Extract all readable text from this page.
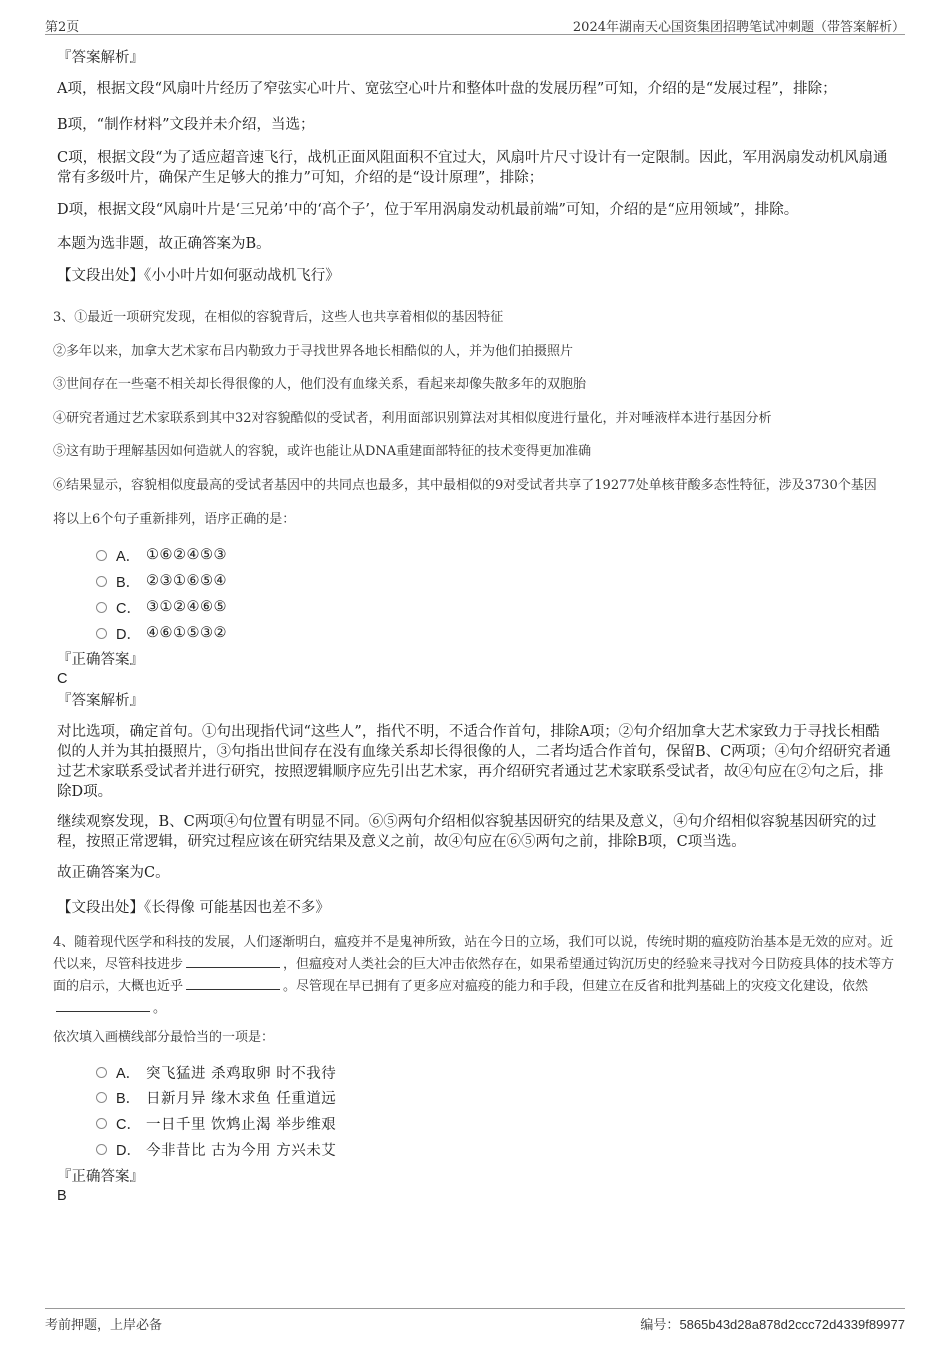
第2页	2024年湖南天心国资集团招聘笔试冲刺题（带答案解析）

『答案解析』

A项，根据文段“风扇叶片经历了窄弦实心叶片、宽弦空心叶片和整体叶盘的发展历程”可知，介绍的是“发展过程”，排除；

B项，“制作材料”文段并未介绍，当选；

C项，根据文段“为了适应超音速飞行，战机正面风阻面积不宜过大，风扇叶片尺寸设计有一定限制。因此，军用涡扇发动机风扇通常有多级叶片，确保产生足够大的推力”可知，介绍的是“设计原理”，排除；

D项，根据文段“风扇叶片是‘三兄弟’中的‘高个子’，位于军用涡扇发动机最前端”可知，介绍的是“应用领域”，排除。

本题为选非题，故正确答案为B。

【文段出处】《小小叶片如何驱动战机飞行》

3、①最近一项研究发现，在相似的容貌背后，这些人也共享着相似的基因特征

②多年以来，加拿大艺术家布吕内勒致力于寻找世界各地长相酷似的人，并为他们拍摄照片

③世间存在一些毫不相关却长得很像的人，他们没有血缘关系，看起来却像失散多年的双胞胎

④研究者通过艺术家联系到其中32对容貌酷似的受试者，利用面部识别算法对其相似度进行量化，并对唾液样本进行基因分析

⑤这有助于理解基因如何造就人的容貌，或许也能让从DNA重建面部特征的技术变得更加准确

⑥结果显示，容貌相似度最高的受试者基因中的共同点也最多，其中最相似的9对受试者共享了19277处单核苷酸多态性特征，涉及3730个基因

将以上6个句子重新排列，语序正确的是：

A． ①⑥②④⑤③
B． ②③①⑥⑤④
C． ③①②④⑥⑤
D． ④⑥①⑤③②

『正确答案』

C

『答案解析』

对比选项，确定首句。①句出现指代词“这些人”，指代不明，不适合作首句，排除A项；②句介绍加拿大艺术家致力于寻找长相酷似的人并为其拍摄照片，③句指出世间存在没有血缘关系却长得很像的人，二者均适合作首句，保留B、C两项；④句介绍研究者通过艺术家联系受试者并进行研究，按照逻辑顺序应先引出艺术家，再介绍研究者通过艺术家联系受试者，故④句应在②句之后，排除D项。

继续观察发现，B、C两项④句位置有明显不同。⑥⑤两句介绍相似容貌基因研究的结果及意义，④句介绍相似容貌基因研究的过程，按照正常逻辑，研究过程应该在研究结果及意义之前，故④句应在⑥⑤两句之前，排除B项，C项当选。

故正确答案为C。

【文段出处】《长得像 可能基因也差不多》

4、随着现代医学和科技的发展，人们逐渐明白，瘟疫并不是鬼神所致，站在今日的立场，我们可以说，传统时期的瘟疫防治基本是无效的应对。近代以来，尽管科技进步	，但瘟疫对人类社会的巨大冲击依然存在，如果希望通过钩沉历史的经验来寻找对今日防疫具体的技术等方面的启示，大概也近乎	。尽管现在早已拥有了更多应对瘟疫的能力和手段，但建立在反省和批判基础上的灾疫文化建设，依然。

依次填入画横线部分最恰当的一项是：

A． 突飞猛进 杀鸡取卵 时不我待
B． 日新月异 缘木求鱼 任重道远
C． 一日千里 饮鸩止渴 举步维艰
D． 今非昔比 古为今用 方兴未艾

『正确答案』

B

考前押题，上岸必备	编号：5865b43d28a878d2ccc72d4339f89977
